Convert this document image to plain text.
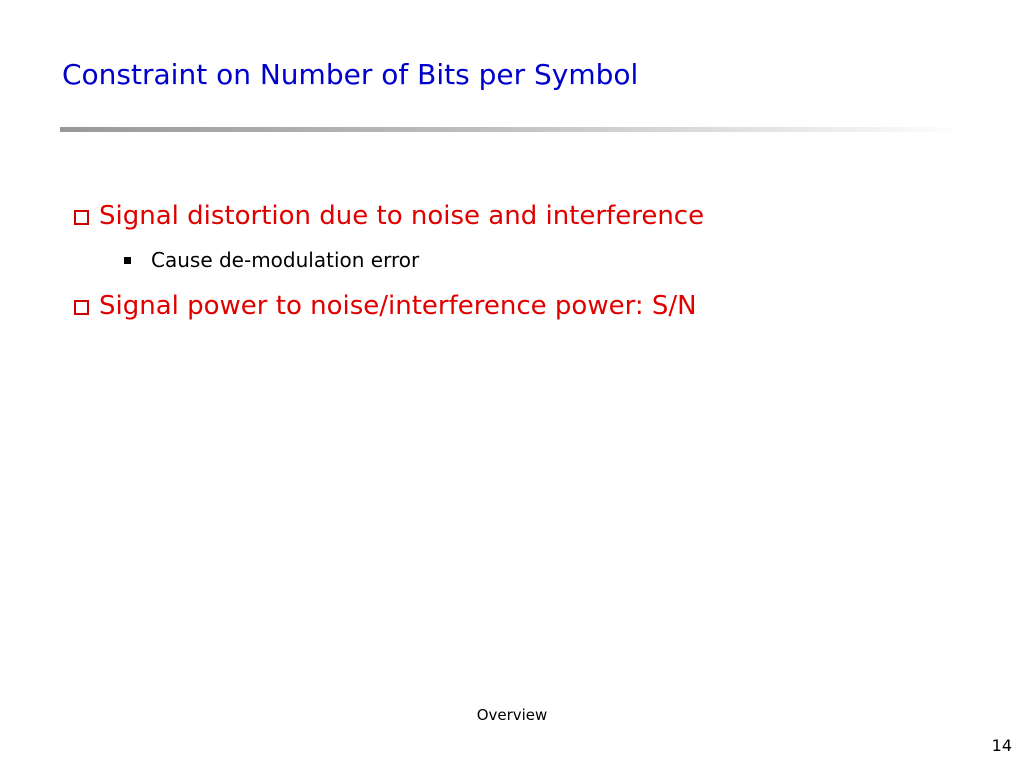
Constraint on Number of Bits per Symbol
Signal distortion due to noise and interference
Cause de-modulation error
Signal power to noise/interference power: S/N
Overview
14
